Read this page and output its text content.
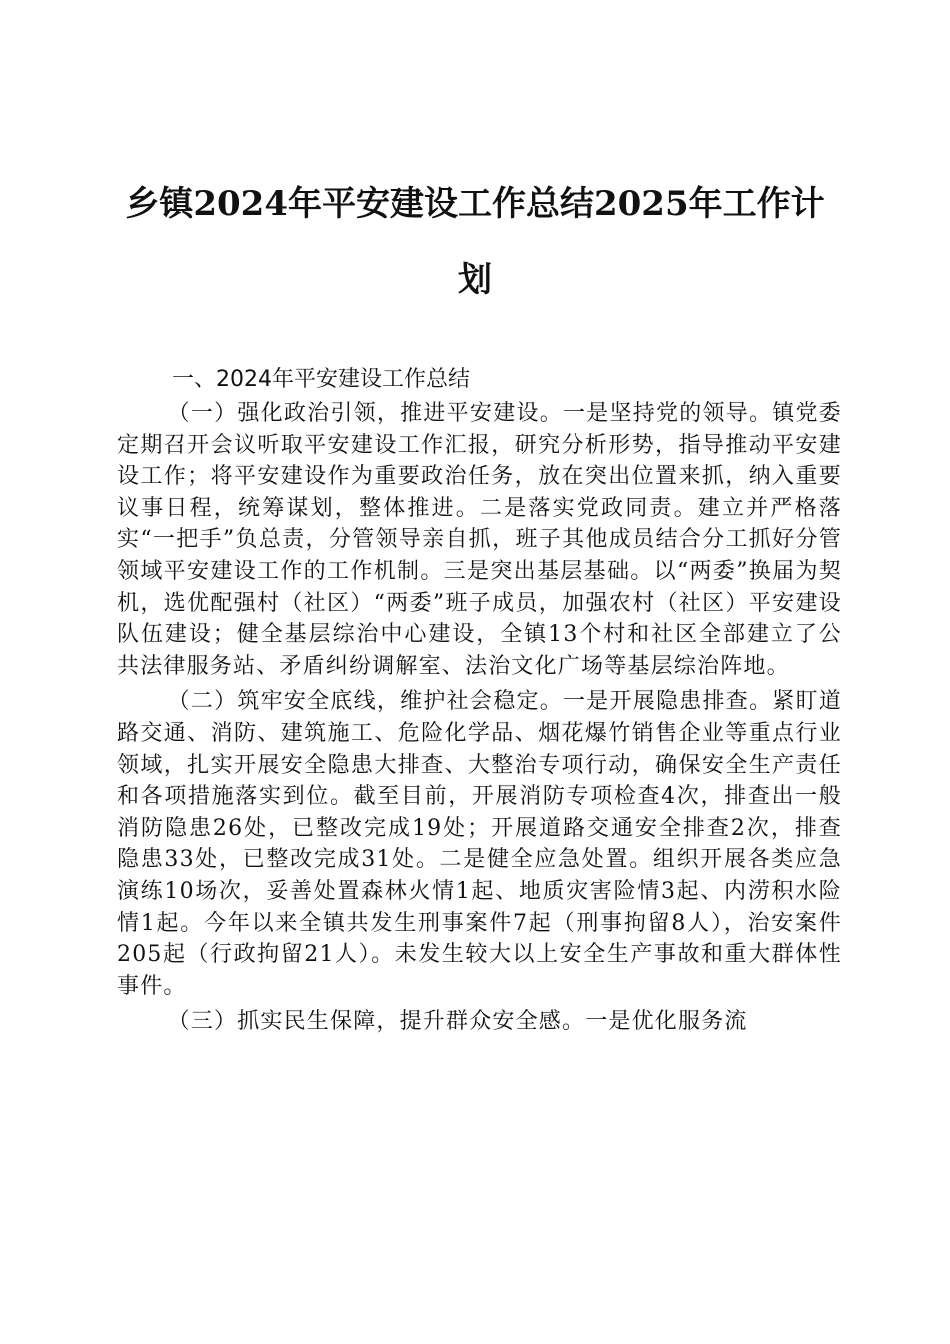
乡镇2024年平安建设工作总结2025年工作计
划
一、2024年平安建设工作总结

（一）强化政治引领，推进平安建设。一是坚持党的领导。镇党委定期召开会议听取平安建设工作汇报，研究分析形势，指导推动平安建设工作；将平安建设作为重要政治任务，放在突出位置来抓，纳入重要议事日程，统筹谋划，整体推进。二是落实党政同责。建立并严格落实“一把手”负总责，分管领导亲自抓，班子其他成员结合分工抓好分管领域平安建设工作的工作机制。三是突出基层基础。以“两委”换届为契机，选优配强村（社区）“两委”班子成员，加强农村（社区）平安建设队伍建设；健全基层综治中心建设，全镇13个村和社区全部建立了公共法律服务站、矛盾纠纷调解室、法治文化广场等基层综治阵地。

（二）筑牢安全底线，维护社会稳定。一是开展隐患排查。紧盯道路交通、消防、建筑施工、危险化学品、烟花爆竹销售企业等重点行业领域，扎实开展安全隐患大排查、大整治专项行动，确保安全生产责任和各项措施落实到位。截至目前，开展消防专项检查4次，排查出一般消防隐患26处，已整改完成19处；开展道路交通安全排查2次，排查隐患33处，已整改完成31处。二是健全应急处置。组织开展各类应急演练10场次，妥善处置森林火情1起、地质灾害险情3起、内涝积水险情1起。今年以来全镇共发生刑事案件7起（刑事拘留8人），治安案件205起（行政拘留21人）。未发生较大以上安全生产事故和重大群体性事件。

（三）抓实民生保障，提升群众安全感。一是优化服务流
